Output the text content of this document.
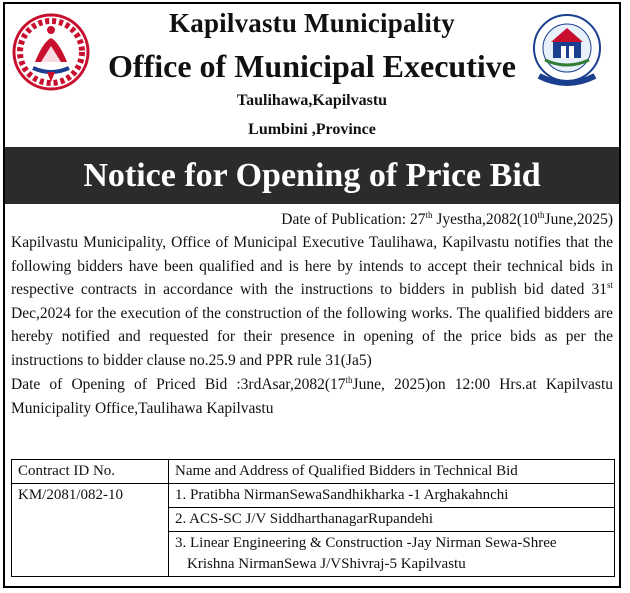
Kapilvastu Municipality
Office of Municipal Executive
Taulihawa,Kapilvastu
Lumbini ,Province
Notice for Opening of Price Bid
Date of Publication: 27th Jyestha,2082(10thJune,2025)
Kapilvastu Municipality, Office of Municipal Executive Taulihawa, Kapilvastu notifies that the following bidders have been qualified and is here by intends to accept their technical bids in respective contracts in accordance with the instructions to bidders in publish bid dated 31st Dec,2024 for the execution of the construction of the following works. The qualified bidders are hereby notified and requested for their presence in opening of the price bids as per the instructions to bidder clause no.25.9 and PPR rule 31(Ja5)
Date of Opening of Priced Bid :3rdAsar,2082(17thJune, 2025)on 12:00 Hrs.at Kapilvastu Municipality Office,Taulihawa Kapilvastu
Contract ID No.	Name and Address of Qualified Bidders in Technical Bid
KM/2081/082-10	1. Pratibha NirmanSewaSandhikharka -1 Arghakahnchi
	2. ACS-SC J/V SiddharthanagarRupandehi
	3. Linear Engineering & Construction -Jay Nirman Sewa-Shree

Krishna NirmanSewa J/VShivraj-5 Kapilvastu
